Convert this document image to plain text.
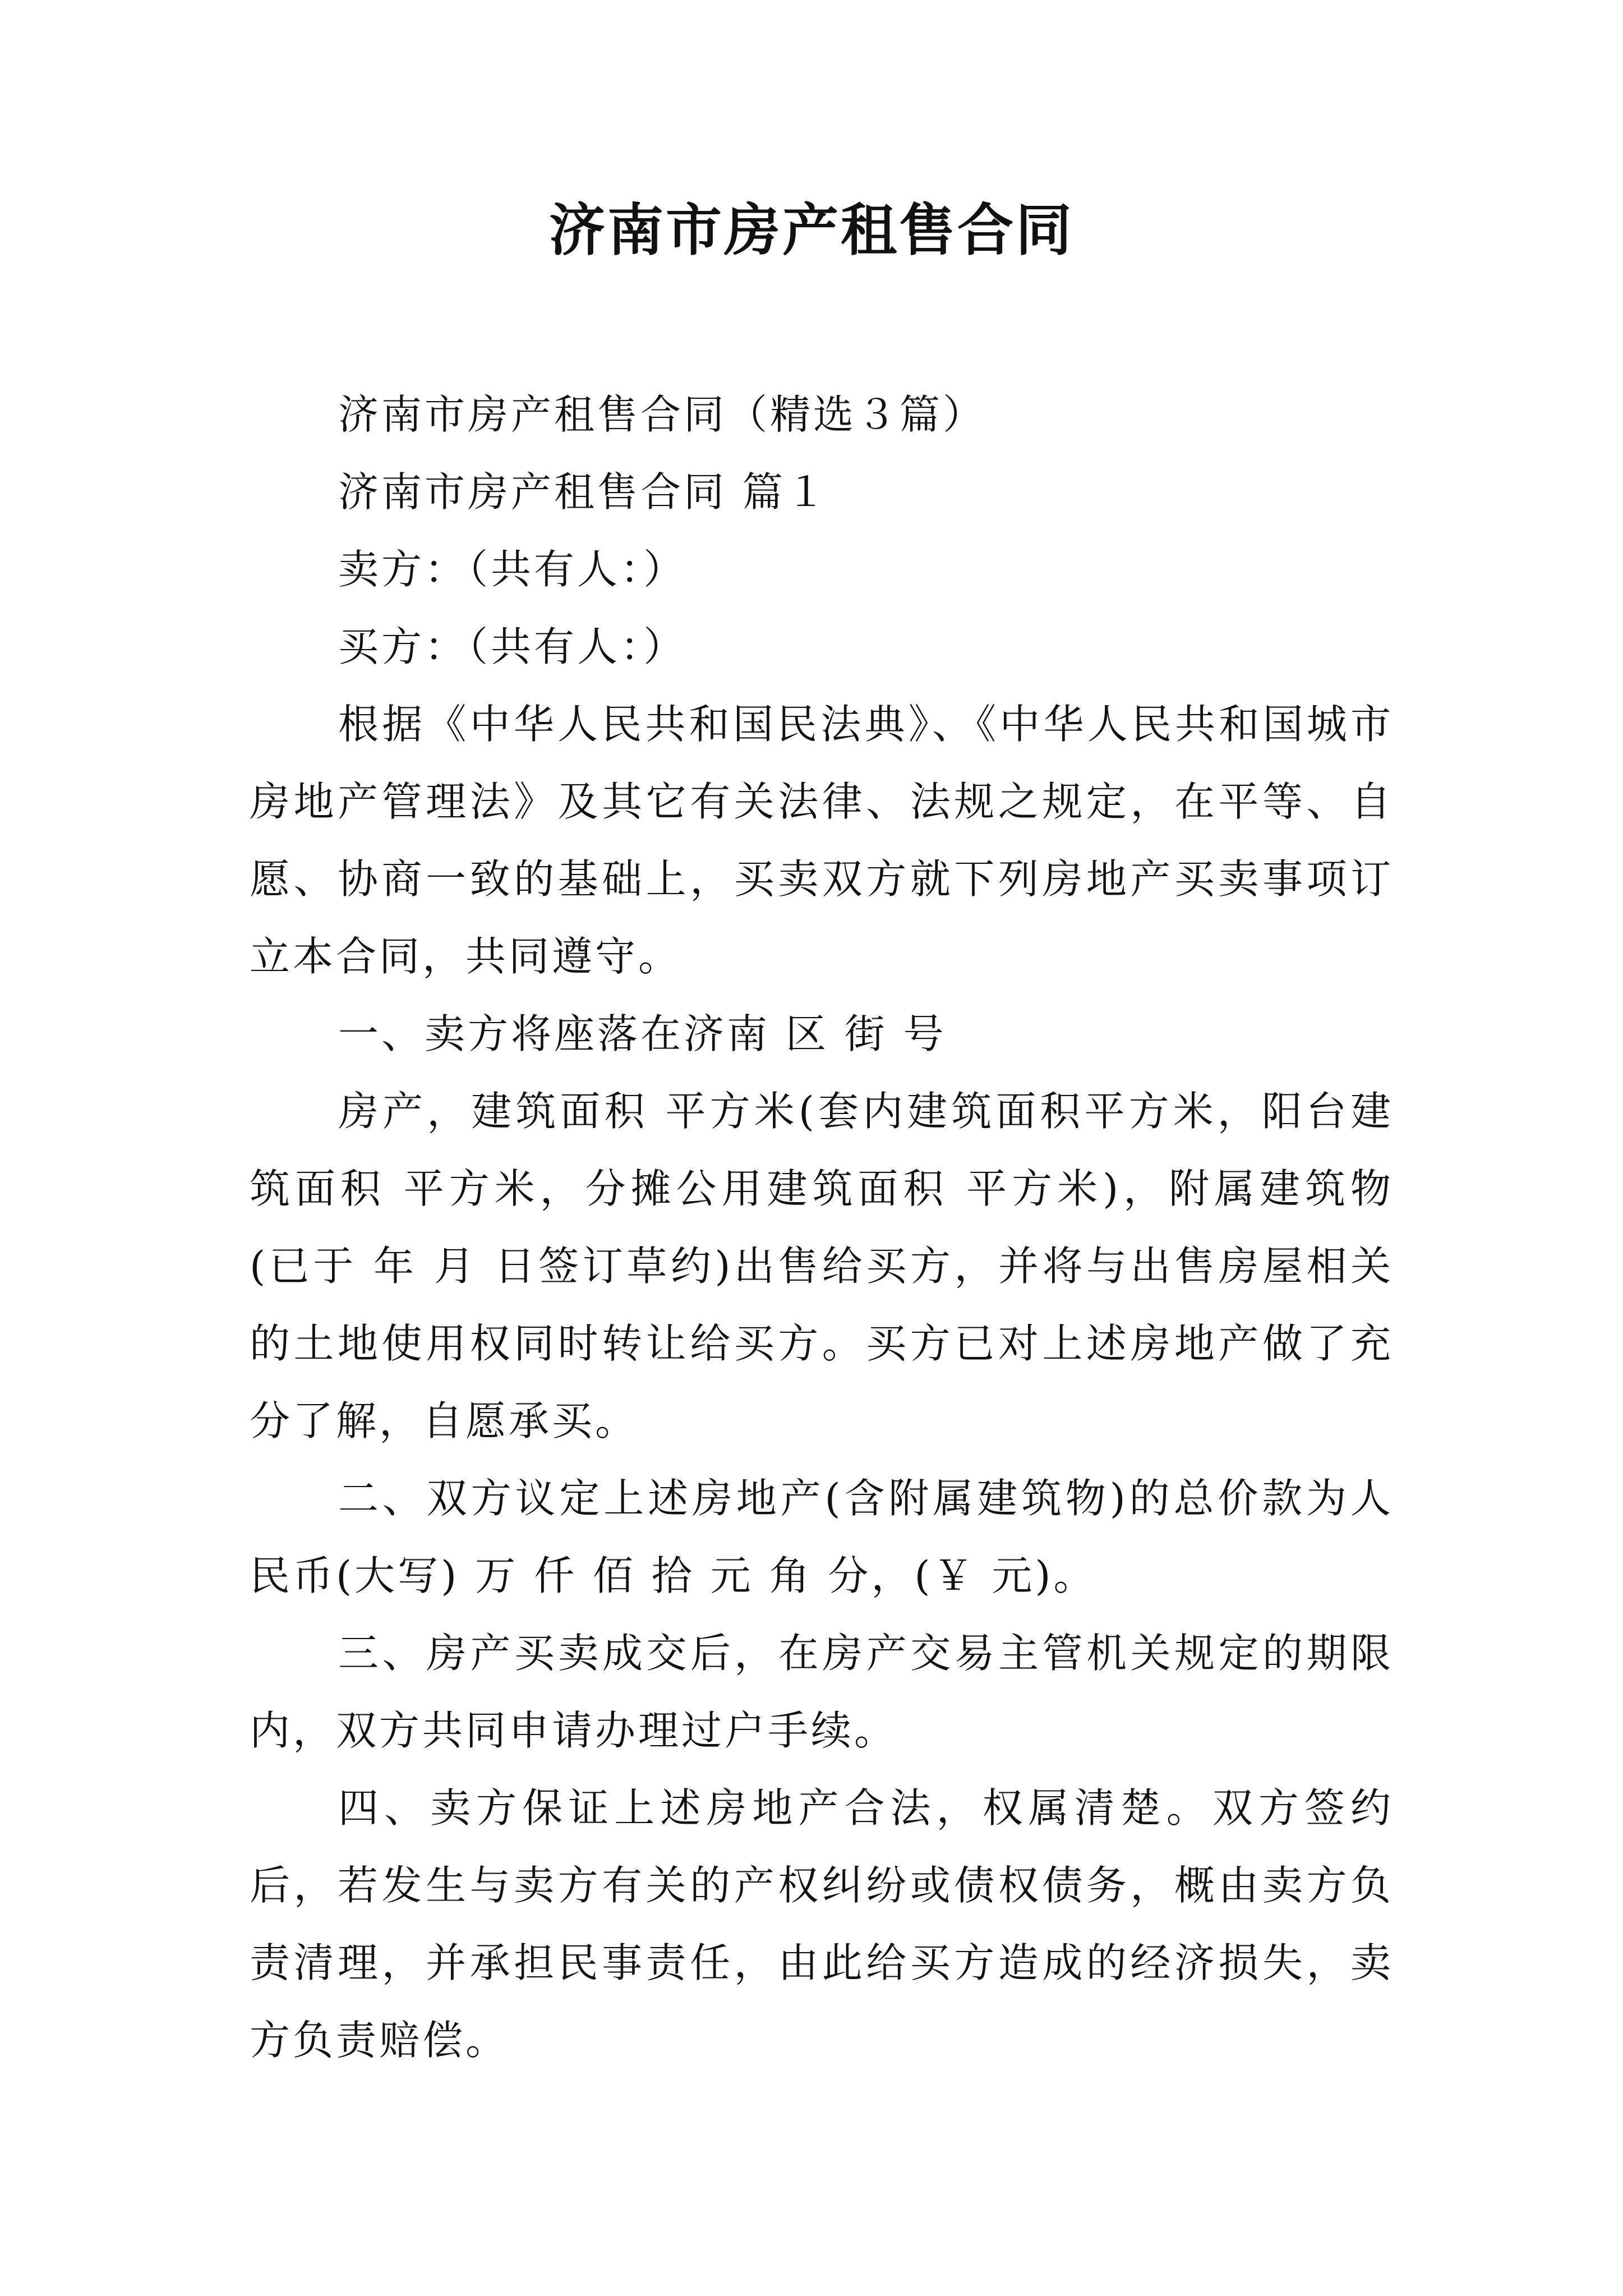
济南市房产租售合同

济南市房产租售合同（精选３篇）

济南市房产租售合同 篇１

卖方：（共有人：）

买方：（共有人：）

根据《中华人民共和国民法典》、《中华人民共和国城市房地产管理法》及其它有关法律、法规之规定，在平等、自愿、协商一致的基础上，买卖双方就下列房地产买卖事项订立本合同，共同遵守。

一、卖方将座落在济南 区 街 号

房产，建筑面积 平方米(套内建筑面积平方米，阳台建筑面积 平方米，分摊公用建筑面积 平方米)，附属建筑物(已于 年 月 日签订草约)出售给买方，并将与出售房屋相关的土地使用权同时转让给买方。买方已对上述房地产做了充分了解，自愿承买。

二、双方议定上述房地产(含附属建筑物)的总价款为人民币(大写) 万 仟 佰 拾 元 角 分，(￥ 元)。

三、房产买卖成交后，在房产交易主管机关规定的期限内，双方共同申请办理过户手续。

四、卖方保证上述房地产合法，权属清楚。双方签约后，若发生与卖方有关的产权纠纷或债权债务，概由卖方负责清理，并承担民事责任，由此给买方造成的经济损失，卖方负责赔偿。
